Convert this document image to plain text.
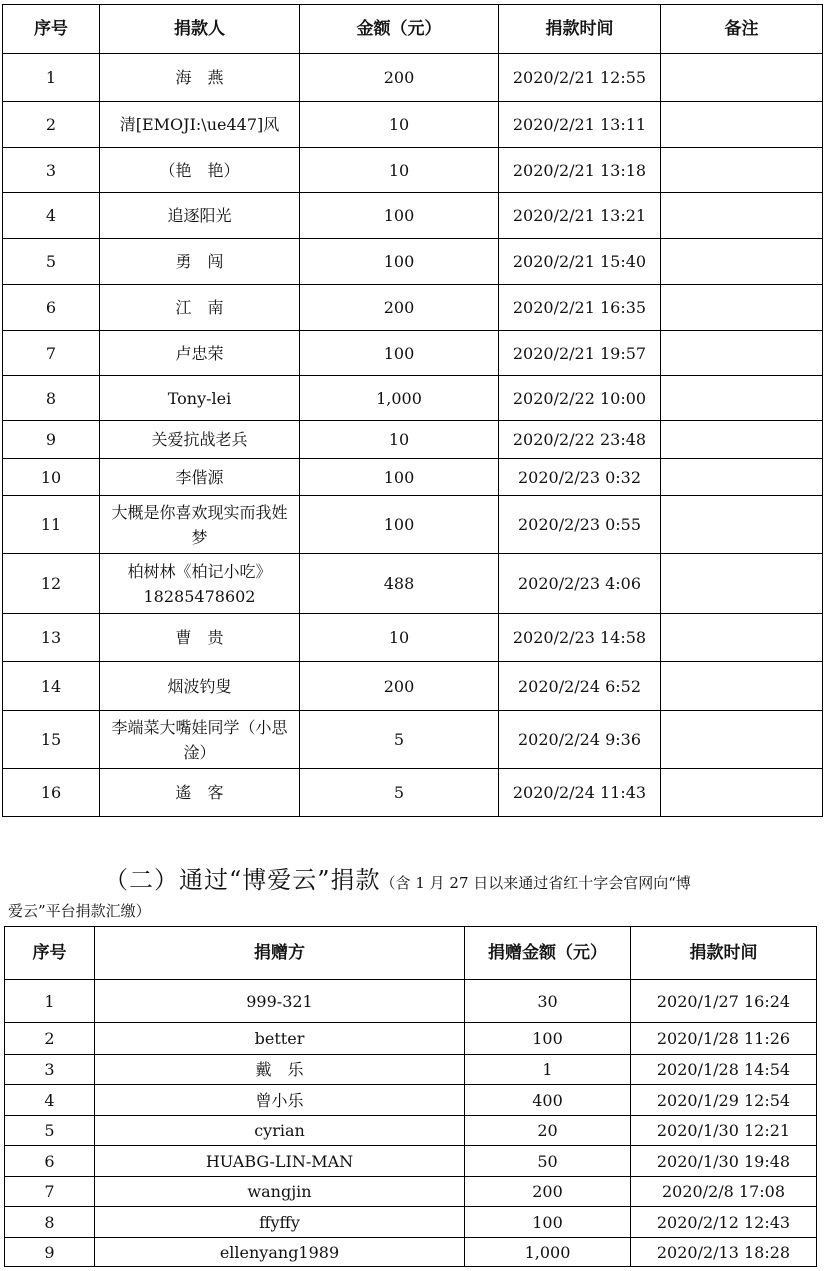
序号	捐款人	金额（元）	捐款时间	备注
1	海　燕	200	2020/2/21 12:55	
2	清[EMOJI:\ue447]风	10	2020/2/21 13:11	
3	（艳　艳）	10	2020/2/21 13:18	
4	追逐阳光	100	2020/2/21 13:21	
5	勇　闯	100	2020/2/21 15:40	
6	江　南	200	2020/2/21 16:35	
7	卢忠荣	100	2020/2/21 19:57	
8	Tony-lei	1,000	2020/2/22 10:00	
9	关爱抗战老兵	10	2020/2/22 23:48	
10	李偕源	100	2020/2/23 0:32	
11	大概是你喜欢现实而我姓梦	100	2020/2/23 0:55	
12	柏树林《柏记小吃》18285478602	488	2020/2/23 4:06	
13	曹　贵	10	2020/2/23 14:58	
14	烟波钓叟	200	2020/2/24 6:52	
15	李端菜大嘴娃同学（小思淦）	5	2020/2/24 9:36	
16	遙　客	5	2020/2/24 11:43	
（二）通过“博爱云”捐款（含 1 月 27 日以来通过省红十字会官网向“博
爱云”平台捐款汇缴）
序号	捐赠方	捐赠金额（元）	捐款时间
1	999-321	30	2020/1/27 16:24
2	better	100	2020/1/28 11:26
3	戴　乐	1	2020/1/28 14:54
4	曾小乐	400	2020/1/29 12:54
5	cyrian	20	2020/1/30 12:21
6	HUABG-LIN-MAN	50	2020/1/30 19:48
7	wangjin	200	2020/2/8 17:08
8	ffyffy	100	2020/2/12 12:43
9	ellenyang1989	1,000	2020/2/13 18:28
